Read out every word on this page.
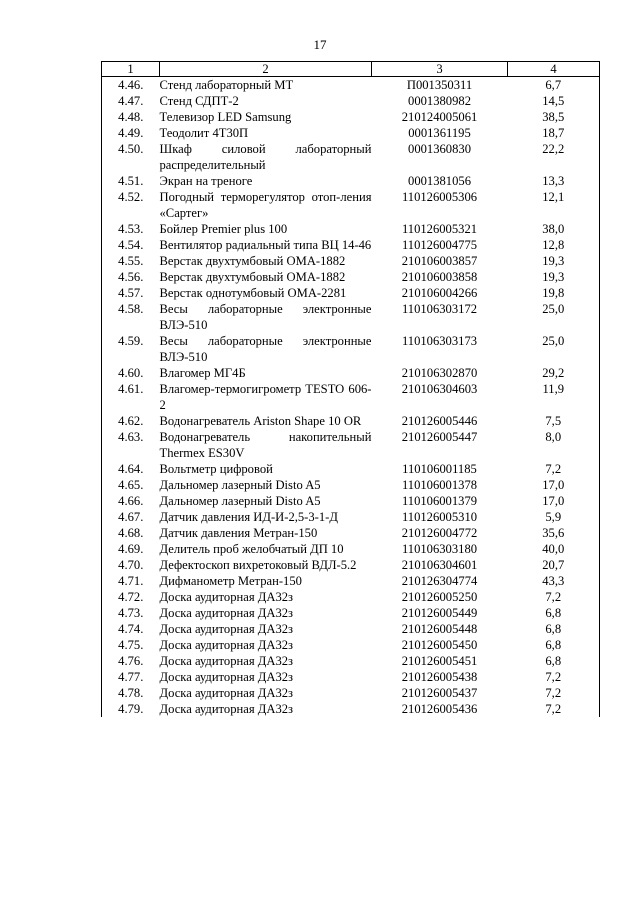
17
1	2	3	4
4.46.	Стенд лабораторный МТ	П001350311	6,7
4.47.	Стенд СДПТ-2	0001380982	14,5
4.48.	Телевизор LED Samsung	210124005061	38,5
4.49.	Теодолит 4Т30П	0001361195	18,7
4.50.	Шкаф силовой лабораторный распределительный	0001360830	22,2
4.51.	Экран на треноге	0001381056	13,3
4.52.	Погодный терморегулятор отоп-ления «Сартег»	110126005306	12,1
4.53.	Бойлер Premier plus 100	110126005321	38,0
4.54.	Вентилятор радиальный типа ВЦ 14-46	110126004775	12,8
4.55.	Верстак двухтумбовый ОМА-1882	210106003857	19,3
4.56.	Верстак двухтумбовый ОМА-1882	210106003858	19,3
4.57.	Верстак однотумбовый ОМА-2281	210106004266	19,8
4.58.	Весы лабораторные электронные ВЛЭ-510	110106303172	25,0
4.59.	Весы лабораторные электронные ВЛЭ-510	110106303173	25,0
4.60.	Влагомер МГ4Б	210106302870	29,2
4.61.	Влагомер-термогигрометр TESTO 606-2	210106304603	11,9
4.62.	Водонагреватель Ariston Shape 10 OR	210126005446	7,5
4.63.	Водонагреватель накопительный Thermex ES30V	210126005447	8,0
4.64.	Вольтметр цифровой	110106001185	7,2
4.65.	Дальномер лазерный Disto A5	110106001378	17,0
4.66.	Дальномер лазерный Disto A5	110106001379	17,0
4.67.	Датчик давления ИД-И-2,5-3-1-Д	110126005310	5,9
4.68.	Датчик давления Метран-150	210126004772	35,6
4.69.	Делитель проб желобчатый ДП 10	110106303180	40,0
4.70.	Дефектоскоп вихретоковый ВДЛ-5.2	210106304601	20,7
4.71.	Дифманометр Метран-150	210126304774	43,3
4.72.	Доска аудиторная ДА32з	210126005250	7,2
4.73.	Доска аудиторная ДА32з	210126005449	6,8
4.74.	Доска аудиторная ДА32з	210126005448	6,8
4.75.	Доска аудиторная ДА32з	210126005450	6,8
4.76.	Доска аудиторная ДА32з	210126005451	6,8
4.77.	Доска аудиторная ДА32з	210126005438	7,2
4.78.	Доска аудиторная ДА32з	210126005437	7,2
4.79.	Доска аудиторная ДА32з	210126005436	7,2
